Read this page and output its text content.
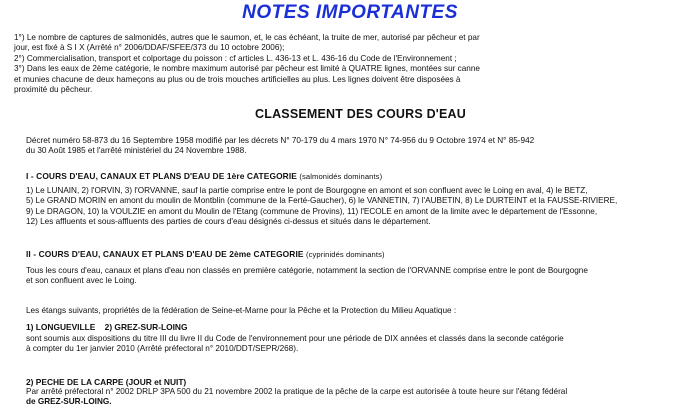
NOTES IMPORTANTES
1°) Le nombre de captures de salmonidés, autres que le saumon, et, le cas échéant, la truite de mer, autorisé par pêcheur et par
jour, est fixé à S I X (Arrêté n° 2006/DDAF/SFEE/373 du 10 octobre 2006);
2°) Commercialisation, transport et colportage du poisson : cf articles L. 436-13 et L. 436-16 du Code de l'Environnement ;
3°) Dans les eaux de 2ème catégorie, le nombre maximum autorisé par pêcheur est limité à QUATRE lignes, montées sur canne
et munies chacune de deux hameçons au plus ou de trois mouches artificielles au plus. Les lignes doivent être disposées à
proximité du pêcheur.
CLASSEMENT DES COURS D'EAU
Décret numéro 58-873 du 16 Septembre 1958 modifié par les décrets N° 70-179 du 4 mars 1970 N° 74-956 du 9 Octobre 1974 et N° 85-942
du 30 Août 1985 et l'arrêté ministériel du 24 Novembre 1988.

I - COURS D'EAU, CANAUX ET PLANS D'EAU DE 1ère CATEGORIE (salmonidés dominants)

1) Le LUNAIN, 2) l'ORVIN, 3) l'ORVANNE, sauf la partie comprise entre le pont de Bourgogne en amont et son confluent avec le Loing en aval, 4) le BETZ,
5) Le GRAND MORIN en amont du moulin de Montblin (commune de la Ferté-Gaucher), 6) le VANNETIN, 7) l'AUBETIN, 8) Le DURTEINT et la FAUSSE-RIVIERE,
9) Le DRAGON, 10) la VOULZIE en amont du Moulin de l'Etang (commune de Provins), 11) l'ECOLE en amont de la limite avec le département de l'Essonne,
12) Les affluents et sous-affluents des parties de cours d'eau désignés ci-dessus et situés dans le département.

II - COURS D'EAU, CANAUX ET PLANS D'EAU DE 2ème CATEGORIE (cyprinidés dominants)

Tous les cours d'eau, canaux et plans d'eau non classés en première catégorie, notamment la section de l'ORVANNE comprise entre le pont de Bourgogne
et son confluent avec le Loing.

Les étangs suivants, propriétés de la fédération de Seine-et-Marne pour la Pêche et la Protection du Milieu Aquatique :

1) LONGUEVILLE 2) GREZ-SUR-LOING

sont soumis aux dispositions du titre III du livre II du Code de l'environnement pour une période de DIX années et classés dans la seconde catégorie
à compter du 1er janvier 2010 (Arrêté préfectoral n° 2010/DDT/SEPR/268).

2) PECHE DE LA CARPE (JOUR et NUIT)

Par arrêté préfectoral n° 2002 DRLP 3PA 500 du 21 novembre 2002 la pratique de la pêche de la carpe est autorisée à toute heure sur l'étang fédéral
de GREZ-SUR-LOING.
